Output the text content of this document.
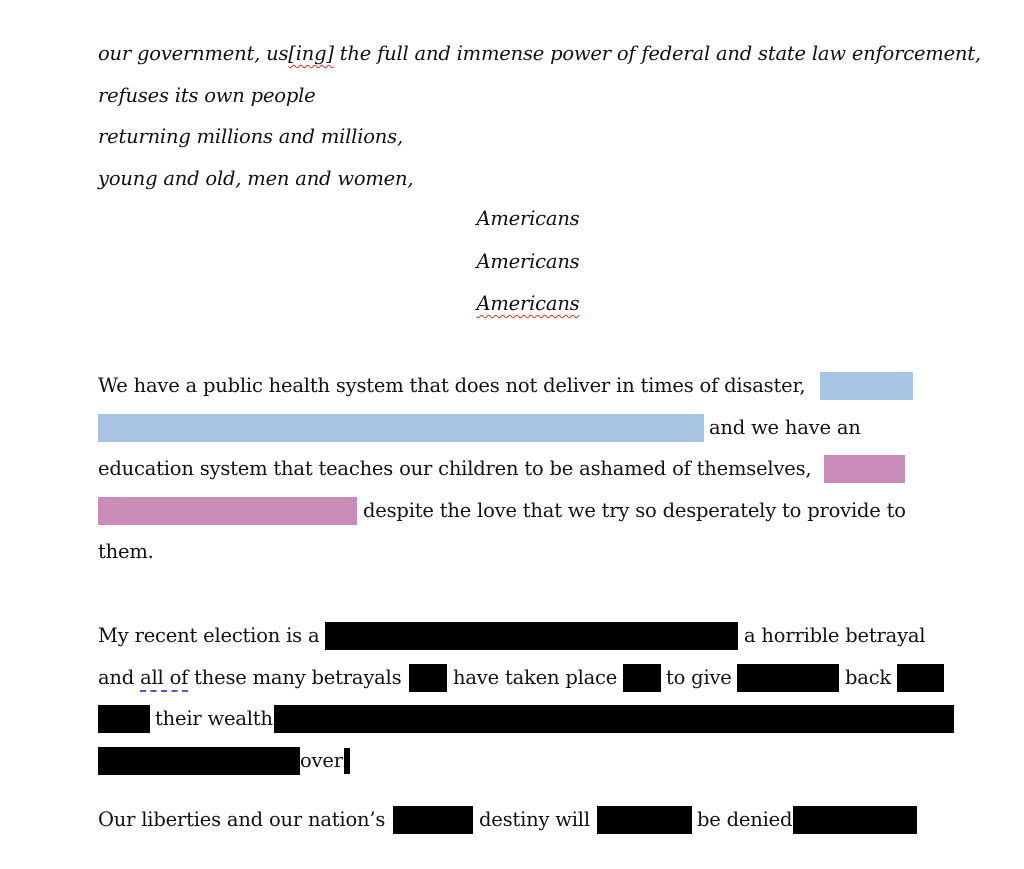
our government, us[ing] the full and immense power of federal and state law enforcement,
refuses its own people
returning millions and millions,
young and old, men and women,
Americans
Americans
Americans
We have a public health system that does not deliver in times of disaster,
and we have an
education system that teaches our children to be ashamed of themselves,
despite the love that we try so desperately to provide to
them.
My recent election is a	a horrible betrayal
and all of these many betrayals	have taken place	to give	back
their wealth
over
Our liberties and our nation’s	destiny will	be denied
